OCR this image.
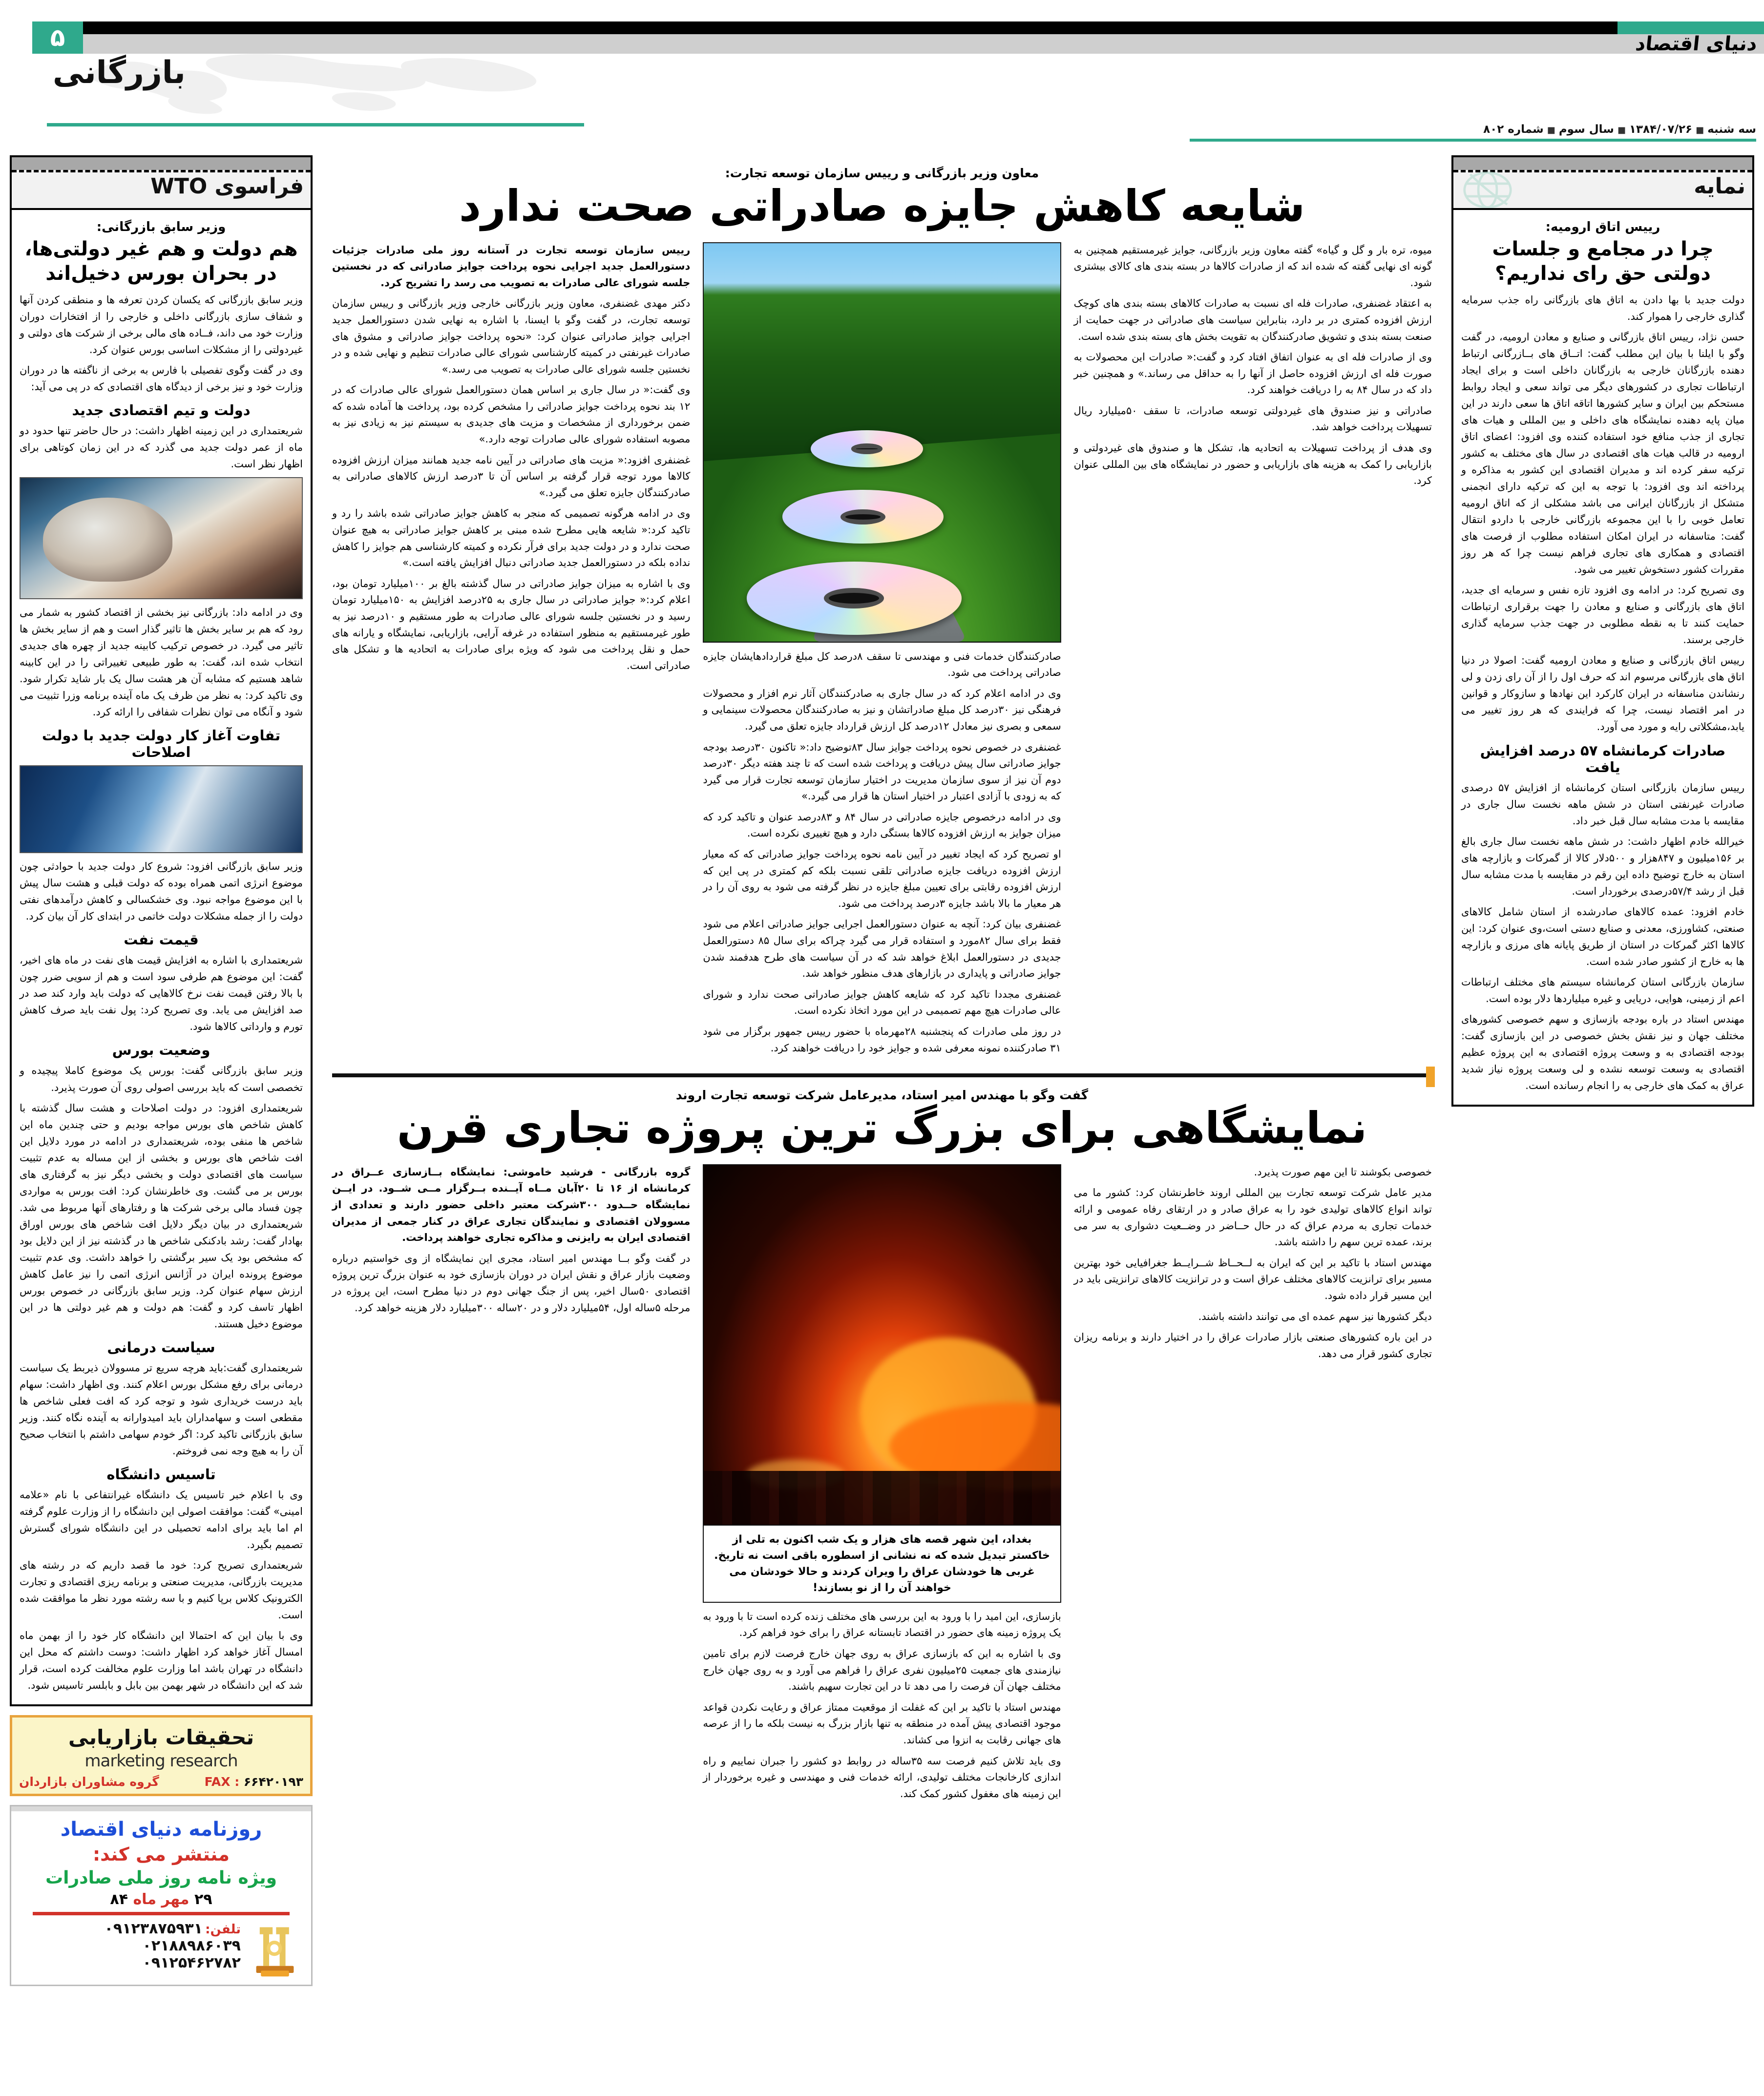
۵	دنیای اقتصاد
بازرگانی
سه شنبه■۱۳۸۴/۰۷/۲۶■سال سوم■شماره ۸۰۲
نمایه
رییس اتاق ارومیه:
چرا در مجامع و جلسات دولتی حق رای نداریم؟

دولت جدید با بها دادن به اتاق های بازرگانی راه جذب سرمایه گذاری خارجی را هموار کند.

حسن نژاد، رییس اتاق بازرگانی و صنایع و معادن ارومیه، در گفت وگو با ایلنا با بیان این مطلب گفت: اتــاق های بــازرگانی ارتباط دهنده بازرگانان خارجی به بازرگانان داخلی است و برای ایجاد ارتباطات تجاری در کشورهای دیگر می تواند سعی و ایجاد روابط مستحکم بین ایران و سایر کشورها اتاقه اتاق ها سعی دارند در این میان پایه دهنده نمایشگاه های داخلی و بین المللی و هیات های تجاری از جذب منافع خود استفاده کننده وی افزود: اعضای اتاق ارومیه در قالب هیات های اقتصادی در سال های مختلف به کشور ترکیه سفر کرده اند و مدیران اقتصادی این کشور به مذاکره و پرداخته اند وی افزود: با توجه به این که ترکیه دارای انجمنی متشکل از بازرگانان ایرانی می باشد مشکلی از که اتاق ارومیه تعامل خوبی را با این مجموعه بازرگانی خارجی با داردو انتقال گفت: متاسفانه در ایران امکان استفاده مطلوب از فرصت های اقتصادی و همکاری های تجاری فراهم نیست چرا که هر روز مقررات کشور دستخوش تغییر می شود.

وی تصریح کرد: در ادامه وی افزود تازه نفس و سرمایه ای جدید، اتاق های بازرگانی و صنایع و معادن را جهت برقراری ارتباطات حمایت کنند تا به نقطه مطلوبی در جهت جذب سرمایه گذاری خارجی برسند.

رییس اتاق بازرگانی و صنایع و معادن ارومیه گفت: اصولا در دنیا اتاق های بازرگانی مرسوم اند که حرف اول را از آن رای زدن و لی رنشاندن مناسفانه در ایران کارکرد این نهادها و سازوکار و قوانین در امر اقتصاد نیست، چرا که فرایندی که هر روز تغییر می یابد،مشکلاتی رایه و مورد می آورد.

صادرات کرمانشاه ۵۷ درصد افزایش یافت

رییس سازمان بازرگانی استان کرمانشاه از افزایش ۵۷ درصدی صادرات غیرنفتی استان در شش ماهه نخست سال جاری در مقایسه با مدت مشابه سال قبل خبر داد.

خیرالله خادم اظهار داشت: در شش ماهه نخست سال جاری بالغ بر ۱۵۶میلیون و ۸۴۷هزار و ۵۰۰دلار کالا از گمرکات و بازارچه های استان به خارج توضیح داده این رقم در مقایسه با مدت مشابه سال قبل از رشد ۵۷/۴درصدی برخوردار است.

خادم افزود: عمده کالاهای صادرشده از استان شامل کالاهای صنعتی، کشاورزی، معدنی و صنایع دستی است،وی عنوان کرد: این کالاها اکثر گمرکات در استان از طریق پایانه های مرزی و بازارچه ها به خارج از کشور صادر شده است.

سازمان بازرگانی استان کرمانشاه سیستم های مختلف ارتباطات اعم از زمینی، هوایی، دریایی و غیره میلیاردها دلار بوده است.

مهندس استاد در باره بودجه بازسازی و سهم خصوصی کشورهای مختلف جهان و نیز نقش بخش خصوصی در این بازسازی گفت: بودجه اقتصادی به و وسعت پروژه اقتصادی به این پروژه عظیم اقتصادی به وسعت توسعه نشده و لی وسعت پروژه نیاز شدید عراق به کمک های خارجی به را انجام رسانده است.

فراسوی WTO
وزیر سابق بازرگانی:
هم دولت و هم غیر دولتی‌ها، در بحران بورس دخیل‌اند

وزیر سابق بازرگانی که یکسان کردن تعرفه ها و منطقی کردن آنها و شفاف سازی بازرگانی داخلی و خارجی را از افتخارات دوران وزارت خود می داند، فــاده های مالی برخی از شرکت های دولتی و غیردولتی را از مشکلات اساسی بورس عنوان کرد.

وی در گفت وگوی تفصیلی با فارس به برخی از ناگفته ها در دوران وزارت خود و نیز برخی از دیدگاه های اقتصادی که در پی می آید:

دولت و تیم اقتصادی جدید

شریعتمداری در این زمینه اظهار داشت: در حال حاضر تنها حدود دو ماه از عمر دولت جدید می گذرد که در این زمان کوتاهی برای اظهار نظر است.

وی در ادامه داد: بازرگانی نیز بخشی از اقتصاد کشور به شمار می رود که هم بر سایر بخش ها تاثیر گذار است و هم از سایر بخش ها تاثیر می گیرد. در خصوص ترکیب کابینه جدید از چهره های جدیدی انتخاب شده اند، گفت: به طور طبیعی تغییراتی را در این کابینه شاهد هستیم که مشابه آن هر هشت سال یک بار شاید تکرار شود. وی تاکید کرد: به نظر من ظرف یک ماه آینده برنامه وزرا تثبیت می شود و آنگاه می توان نظرات شفافی را ارائه کرد.

تفاوت آغاز کار دولت جدید با دولت اصلاحات

وزیر سابق بازرگانی افزود: شروع کار دولت جدید با حوادثی چون موضوع انرژی اتمی همراه بوده که دولت قبلی و هشت سال پیش با این موضوع مواجه نبود. وی خشکسالی و کاهش درآمدهای نفتی دولت را از جمله مشکلات دولت خاتمی در ابتدای کار آن بیان کرد.

قیمت نفت

شریعتمداری با اشاره به افزایش قیمت های نفت در ماه های اخیر، گفت: این موضوع هم طرفی سود است و هم از سویی ضرر چون با بالا رفتن قیمت نفت نرخ کالاهایی که دولت باید وارد کند صد در صد افزایش می یابد. وی تصریح کرد: پول نفت باید صرف کاهش تورم و وارداتی کالاها شود.

وضعیت بورس

وزیر سابق بازرگانی گفت: بورس یک موضوع کاملا پیچیده و تخصصی است که باید بررسی اصولی روی آن صورت پذیرد.

شریعتمداری افزود: در دولت اصلاحات و هشت سال گذشته با کاهش شاخص های بورس مواجه بودیم و حتی چندین ماه این شاخص ها منفی بوده، شریعتمداری در ادامه در مورد دلایل این افت شاخص های بورس و بخشی از این مساله به عدم تثبیت سیاست های اقتصادی دولت و بخشی دیگر نیز به گرفتاری های بورس بر می گشت. وی خاطرنشان کرد: افت بورس به مواردی چون فساد مالی برخی شرکت ها و رفتارهای آنها مربوط می شد. شریعتمداری در بیان دیگر دلایل افت شاخص های بورس اوراق بهادار گفت: رشد بادکنکی شاخص ها در گذشته نیز از این دلایل بود که مشخص بود یک سیر برگشتی را خواهد داشت. وی عدم تثبیت موضوع پرونده ایران در آژانس انرژی اتمی را نیز عامل کاهش ارزش سهام عنوان کرد. وزیر سابق بازرگانی در خصوص بورس اظهار تاسف کرد و گفت: هم دولت و هم غیر دولتی ها در این موضوع دخیل هستند.

سیاست درمانی

شریعتمداری گفت:باید هرچه سریع تر مسوولان ذیربط یک سیاست درمانی برای رفع مشکل بورس اعلام کنند. وی اظهار داشت: سهام باید درست خریداری شود و توجه کرد که افت فعلی شاخص ها مقطعی است و سهامداران باید امیدوارانه به آینده نگاه کنند. وزیر سابق بازرگانی تاکید کرد: اگر خودم سهامی داشتم با انتخاب صحیح آن را به هیچ وجه نمی فروختم.

تاسیس دانشگاه

وی با اعلام خبر تاسیس یک دانشگاه غیرانتفاعی با نام «علامه امینی» گفت: موافقت اصولی این دانشگاه را از وزارت علوم گرفته ام اما باید برای ادامه تحصیلی در این دانشگاه شورای گسترش تصمیم بگیرد.

شریعتمداری تصریح کرد: خود ما قصد داریم که در رشته های مدیریت بازرگانی، مدیریت صنعتی و برنامه ریزی اقتصادی و تجارت الکترونیک کلاس برپا کنیم و با سه رشته مورد نظر ما موافقت شده است.

وی با بیان این که احتمالا این دانشگاه کار خود را از بهمن ماه امسال آغاز خواهد کرد اظهار داشت: دوست داشتم که محل این دانشگاه در تهران باشد اما وزارت علوم مخالفت کرده است، قرار شد که این دانشگاه در شهر بهمن بین بابل و بابلسر تاسیس شود.

تحقیقات بازاریابی
marketing research
FAX : ۶۶۴۲۰۱۹۳
گروه مشاوران بازاردان
روزنامه دنیای اقتصاد
منتشر می کند:
ویژه نامه روز ملی صادرات
۲۹ مهر ماه ۸۴
تلفن: ۰۹۱۲۳۸۷۵۹۳۱
۰۲۱۸۸۹۸۶۰۳۹
۰۹۱۲۵۴۶۲۷۸۲
معاون وزیر بازرگانی و رییس سازمان توسعه تجارت:
شایعه کاهش جایزه صادراتی صحت ندارد

میوه، تره بار و گل و گیاه» گفته معاون وزیر بازرگانی، جوایز غیرمستقیم همچنین به گونه ای نهایی گفته که شده اند که از صادرات کالاها در بسته بندی های کالای بیشتری شود.

به اعتقاد غضنفری، صادرات فله ای نسبت به صادرات کالاهای بسته بندی های کوچک ارزش افزوده کمتری در بر دارد، بنابراین سیاست های صادراتی در جهت حمایت از صنعت بسته بندی و تشویق صادرکنندگان به تقویت بخش های بسته بندی شده است.

وی از صادرات فله ای به عنوان اتفاق افتاد کرد و گفت:« صادرات این محصولات به صورت فله ای ارزش افزوده حاصل از آنها را به حداقل می رساند.» و همچنین خبر داد که در سال ۸۴ به را دریافت خواهند کرد.

صادراتی و نیز صندوق های غیردولتی توسعه صادرات، تا سقف ۵۰میلیارد ریال تسهیلات پرداخت خواهد شد.

وی هدف از پرداخت تسهیلات به اتحادیه ها، تشکل ها و صندوق های غیردولتی و بازاریابی را کمک به هزینه های بازاریابی و حضور در نمایشگاه های بین المللی عنوان کرد.

صادرکنندگان خدمات فنی و مهندسی تا سقف ۸درصد کل مبلغ قراردادهایشان جایزه صادراتی پرداخت می شود.

وی در ادامه اعلام کرد که در سال جاری به صادرکنندگان آثار نرم افزار و محصولات فرهنگی نیز ۳۰درصد کل مبلغ صادراتشان و نیز به صادرکنندگان محصولات سینمایی و سمعی و بصری نیز معادل ۱۲درصد کل ارزش قرارداد جایزه تعلق می گیرد.

غضنفری در خصوص نحوه پرداخت جوایز سال ۸۳توضیح داد:« تاکنون ۳۰درصد بودجه جوایز صادراتی سال پیش دریافت و پرداخت شده است که تا چند هفته دیگر ۳۰درصد دوم آن نیز از سوی سازمان مدیریت در اختیار سازمان توسعه تجارت قرار می گیرد که به زودی با آزادی اعتبار در اختیار استان ها قرار می گیرد.»

وی در ادامه درخصوص جایزه صادراتی در سال ۸۴ و ۸۳درصد عنوان و تاکید کرد که میزان جوایز به ارزش افزوده کالاها بستگی دارد و هیچ تغییری نکرده است.

او تصریح کرد که ایجاد تغییر در آیین نامه نحوه پرداخت جوایز صادراتی که که معیار ارزش افزوده دریافت جایزه صادراتی تلقی نسبت بلکه کم کمتری در پی این که ارزش افزوده رقابتی برای تعیین مبلغ جایزه در نظر گرفته می شود به روی آن را در هر معیار ما بالا باشد جایزه ۳درصد پرداخت می شود.

غضنفری بیان کرد: آنچه به عنوان دستورالعمل اجرایی جوایز صادراتی اعلام می شود فقط برای سال ۸۲مورد و استفاده قرار می گیرد چراکه برای سال ۸۵ دستورالعمل جدیدی در دستورالعمل ابلاغ خواهد شد که در آن سیاست های طرح هدفمند شدن جوایز صادراتی و پایداری در بازارهای هدف منظور خواهد شد.

غضنفری مجددا تاکید کرد که شایعه کاهش جوایز صادراتی صحت ندارد و شورای عالی صادرات هیچ مهم تصمیمی در این مورد اتخاذ نکرده است.

در روز ملی صادرات که پنجشنبه ۲۸مهرماه با حضور رییس جمهور برگزار می شود ۳۱ صادرکننده نمونه معرفی شده و جوایز خود را دریافت خواهند کرد.

رییس سازمان توسعه تجارت در آستانه روز ملی صادرات جزئیات دستورالعمل جدید اجرایی نحوه پرداخت جوایز صادراتی که در نخستین جلسه شورای عالی صادرات به تصویب می رسد را تشریح کرد.

دکتر مهدی غضنفری، معاون وزیر بازرگانی خارجی وزیر بازرگانی و رییس سازمان توسعه تجارت، در گفت وگو با ایسنا، با اشاره به نهایی شدن دستورالعمل جدید اجرایی جوایز صادراتی عنوان کرد: «نحوه پرداخت جوایز صادراتی و مشوق های صادرات غیرنفتی در کمیته کارشناسی شورای عالی صادرات تنظیم و نهایی شده و در نخستین جلسه شورای عالی صادرات به تصویب می رسد.»

وی گفت:« در سال جاری بر اساس همان دستورالعمل شورای عالی صادرات که در ۱۲ بند نحوه پرداخت جوایز صادراتی را مشخص کرده بود، پرداخت ها آماده شده که ضمن برخورداری از مشخصات و مزیت های جدیدی به سیستم نیز به زیادی نیز به مصوبه استفاده شورای عالی صادرات توجه دارد.»

غضنفری افزود:« مزیت های صادراتی در آیین نامه جدید همانند میزان ارزش افزوده کالاها مورد توجه قرار گرفته بر اساس آن تا ۳درصد ارزش کالاهای صادراتی به صادرکنندگان جایزه تعلق می گیرد.»

وی در ادامه هرگونه تصمیمی که منجر به کاهش جوایز صادراتی شده باشد را رد و تاکید کرد:« شایعه هایی مطرح شده مبنی بر کاهش جوایز صادراتی به هیچ عنوان صحت ندارد و در دولت جدید برای فرآر نکرده و کمیته کارشناسی هم جوایز را کاهش نداده بلکه در دستورالعمل جدید صادراتی دنبال افزایش یافته است.»

وی با اشاره به میزان جوایز صادراتی در سال گذشته بالغ بر ۱۰۰میلیارد تومان بود، اعلام کرد:« جوایز صادراتی در سال جاری به ۲۵درصد افزایش به ۱۵۰میلیارد تومان رسید و در نخستین جلسه شورای عالی صادرات به طور مستقیم و ۱۰درصد نیز به طور غیرمستقیم به منظور استفاده در غرفه آرایی، بازاریابی، نمایشگاه و یارانه های حمل و نقل پرداخت می شود که ویژه برای صادرات به اتحادیه ها و تشکل های صادراتی است.

گفت وگو با مهندس امیر استاد، مدیرعامل شرکت توسعه تجارت اروند
نمایشگاهی برای بزرگ ترین پروژه تجاری قرن

خصوصی بکوشند تا این مهم صورت پذیرد.

مدیر عامل شرکت توسعه تجارت بین المللی اروند خاطرنشان کرد: کشور ما می تواند انواع کالاهای تولیدی خود را به عراق صادر و در ارتقای رفاه عمومی و ارائه خدمات تجاری به مردم عراق که در حال حــاضر در وضــعیت دشواری به سر می برند، عمده ترین سهم را داشته باشد.

مهندس استاد با تاکید بر این که ایران به لــحــاظ شــرایــط جغرافیایی خود بهترین مسیر برای ترانزیت کالاهای مختلف عراق است و در ترانزیت کالاهای ترانزیتی باید در این مسیر قرار داده شود.

دیگر کشورها نیز سهم عمده ای می توانند داشته باشند.

در این باره کشورهای صنعتی بازار صادرات عراق را در اختیار دارند و برنامه ریزان تجاری کشور قرار می دهد.

بغداد، این شهر قصه های هزار و یک شب اکنون به تلی از خاکستر تبدیل شده که نه نشانی از اسطوره باقی است نه تاریخ. غربی ها خودشان عراق را ویران کردند و حالا خودشان می خواهند آن را از نو بسازند!

بازسازی، این امید را با ورود به این بررسی های مختلف زنده کرده است تا با ورود به یک پروژه زمینه های حضور در اقتصاد تابستانه عراق را برای خود فراهم کرد.

وی با اشاره به این که بازسازی عراق به روی جهان خارج فرصت لازم برای تامین نیازمندی های جمعیت ۲۵میلیون نفری عراق را فراهم می آورد و به روی جهان خارج مختلف جهان آن فرصت را می دهد تا در این تجارت سهیم باشند.

مهندس استاد با تاکید بر این که غفلت از موقعیت ممتاز عراق و رعایت نکردن قواعد موجود اقتصادی پیش آمده در منطقه به تنها بازار بزرگ به نیست بلکه ما را از عرصه های جهانی رقابت به انزوا می کشاند.

وی باید تلاش کنیم فرصت سه ۳۵ساله در روابط دو کشور را جبران نماییم و راه اندازی کارخانجات مختلف تولیدی، ارائه خدمات فنی و مهندسی و غیره برخوردار از این زمینه های مغفول کشور کمک کند.

گروه بازرگانی - فرشید خاموشی: نمایشگاه بــازسازی عــراق در کرمانشاه از ۱۶ تا ۲۰آبان مــاه آیــنده بــرگزار مــی شــود. در ایــن نمایشگاه حــدود ۳۰۰شرکت معتبر داخلی حضور دارند و تعدادی از مسوولان اقتصادی و نمایندگان تجاری عراق در کنار جمعی از مدیران اقتصادی ایران به رایزنی و مذاکره تجاری خواهند پرداخت.

در گفت وگو بــا مهندس امیر استاد، مجری این نمایشگاه از وی خواستیم درباره وضعیت بازار عراق و نقش ایران در دوران بازسازی خود به عنوان بزرگ ترین پروژه اقتصادی ۵۰سال اخیر، پس از جنگ جهانی دوم در دنیا مطرح است، این پروژه در مرحله ۵ساله اول، ۵۴میلیارد دلار و در ۲۰ساله ۳۰۰میلیارد دلار هزینه خواهد کرد.
